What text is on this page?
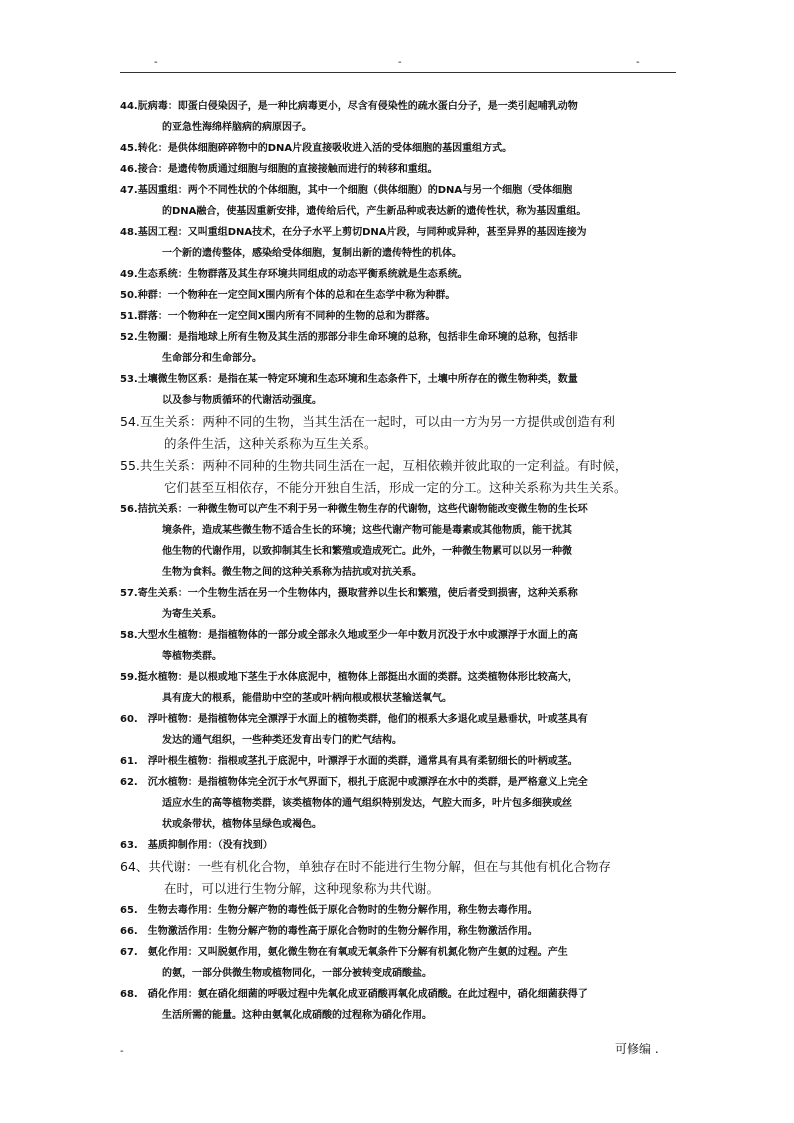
-	-	-
44.朊病毒：即蛋白侵染因子，是一种比病毒更小，尽含有侵染性的疏水蛋白分子，是一类引起哺乳动物
的亚急性海绵样脑病的病原因子。
45.转化：是供体细胞碎碎物中的DNA片段直接吸收进入活的受体细胞的基因重组方式。
46.接合：是遗传物质通过细胞与细胞的直接接触而进行的转移和重组。
47.基因重组：两个不同性状的个体细胞，其中一个细胞（供体细胞）的DNA与另一个细胞（受体细胞
的DNA融合，使基因重新安排，遗传给后代，产生新品种或表达新的遗传性状，称为基因重组。
48.基因工程：又叫重组DNA技术，在分子水平上剪切DNA片段，与同种或异种，甚至异界的基因连接为
一个新的遗传整体，感染给受体细胞，复制出新的遗传特性的机体。
49.生态系统：生物群落及其生存环境共同组成的动态平衡系统就是生态系统。
50.种群：一个物种在一定空间X围内所有个体的总和在生态学中称为种群。
51.群落：一个物种在一定空间X围内所有不同种的生物的总和为群落。
52.生物圈：是指地球上所有生物及其生活的那部分非生命环境的总称，包括非生命环境的总称，包括非
生命部分和生命部分。
53.土壤微生物区系：是指在某一特定环境和生态环境和生态条件下，土壤中所存在的微生物种类，数量
以及参与物质循环的代谢活动强度。
54.互生关系：两种不同的生物，当其生活在一起时，可以由一方为另一方提供或创造有利
的条件生活，这种关系称为互生关系。
55.共生关系：两种不同种的生物共同生活在一起，互相依赖并彼此取的一定利益。有时候，
它们甚至互相依存，不能分开独自生活，形成一定的分工。这种关系称为共生关系。
56.拮抗关系：一种微生物可以产生不利于另一种微生物生存的代谢物，这些代谢物能改变微生物的生长环
境条件，造成某些微生物不适合生长的环境；这些代谢产物可能是毒素或其他物质，能干扰其
他生物的代谢作用，以致抑制其生长和繁殖或造成死亡。此外，一种微生物累可以以另一种微
生物为食料。微生物之间的这种关系称为拮抗或对抗关系。
57.寄生关系：一个生物生活在另一个生物体内，摄取营养以生长和繁殖，使后者受到损害，这种关系称
为寄生关系。
58.大型水生植物：是指植物体的一部分或全部永久地或至少一年中数月沉没于水中或漂浮于水面上的高
等植物类群。
59.挺水植物：是以根或地下茎生于水体底泥中，植物体上部挺出水面的类群。这类植物体形比较高大，
具有庞大的根系，能借助中空的茎或叶柄向根或根状茎输送氧气。
60.　浮叶植物：是指植物体完全漂浮于水面上的植物类群，他们的根系大多退化或呈悬垂状，叶或茎具有
发达的通气组织，一些种类还发育出专门的贮气结构。
61.　浮叶根生植物：指根或茎扎于底泥中，叶漂浮于水面的类群，通常具有具有柔韧细长的叶柄或茎。
62.　沉水植物：是指植物体完全沉于水气界面下，根扎于底泥中或漂浮在水中的类群，是严格意义上完全
适应水生的高等植物类群，该类植物体的通气组织特别发达，气腔大而多，叶片包多细狭或丝
状或条带状，植物体呈绿色或褐色。
63.　基质抑制作用：（没有找到）
64、共代谢：一些有机化合物，单独存在时不能进行生物分解，但在与其他有机化合物存
在时，可以进行生物分解，这种现象称为共代谢。
65.　生物去毒作用：生物分解产物的毒性低于原化合物时的生物分解作用，称生物去毒作用。
66.　生物激活作用：生物分解产物的毒性高于原化合物时的生物分解作用，称生物激活作用。
67.　氨化作用：又叫脱氨作用，氨化微生物在有氧或无氧条件下分解有机氮化物产生氨的过程。产生
的氨，一部分供微生物或植物同化，一部分被转变成硝酸盐。
68.　硝化作用：氨在硝化细菌的呼吸过程中先氧化成亚硝酸再氧化成硝酸。在此过程中，硝化细菌获得了
生活所需的能量。这种由氨氧化成硝酸的过程称为硝化作用。
-	可修编 .
